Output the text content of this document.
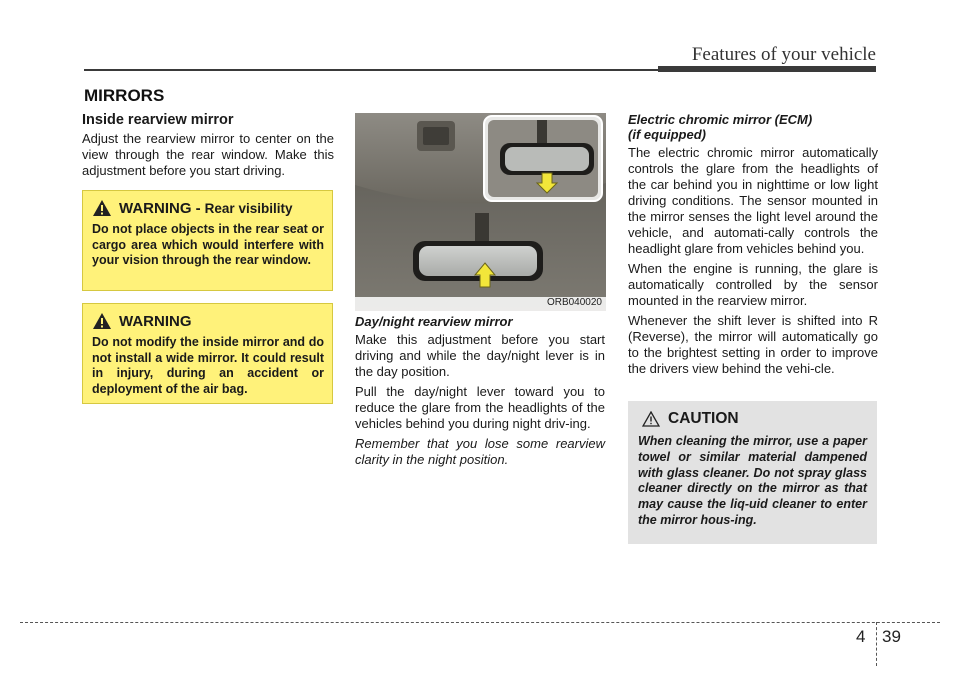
Features of your vehicle
MIRRORS
Inside rearview mirror
Adjust the rearview mirror to center on the view through the rear window. Make this adjustment before you start driving.
WARNING - Rear visibility
Do not place objects in the rear seat or cargo area which would interfere with your vision through the rear window.
WARNING
Do not modify the inside mirror and do not install a wide mirror. It could result in injury, during an accident or deployment of the air bag.
ORB040020
Day/night rearview mirror
Make this adjustment before you start driving and while the day/night lever is in the day position.
Pull the day/night lever toward you to reduce the glare from the headlights of the vehicles behind you during night driv-ing.
Remember that you lose some rearview clarity in the night position.
Electric chromic mirror (ECM)
(if equipped)
The electric chromic mirror automatically controls the glare from the headlights of the car behind you in nighttime or low light driving conditions. The sensor mounted in the mirror senses the light level around the vehicle, and automati-cally controls the headlight glare from vehicles behind you.
When the engine is running, the glare is automatically controlled by the sensor mounted in the rearview mirror.
Whenever the shift lever is shifted into R (Reverse), the mirror will automatically go to the brightest setting in order to improve the drivers view behind the vehi-cle.
CAUTION
When cleaning the mirror, use a paper towel or similar material dampened with glass cleaner. Do not spray glass cleaner directly on the mirror as that may cause the liq-uid cleaner to enter the mirror hous-ing.
4 39
